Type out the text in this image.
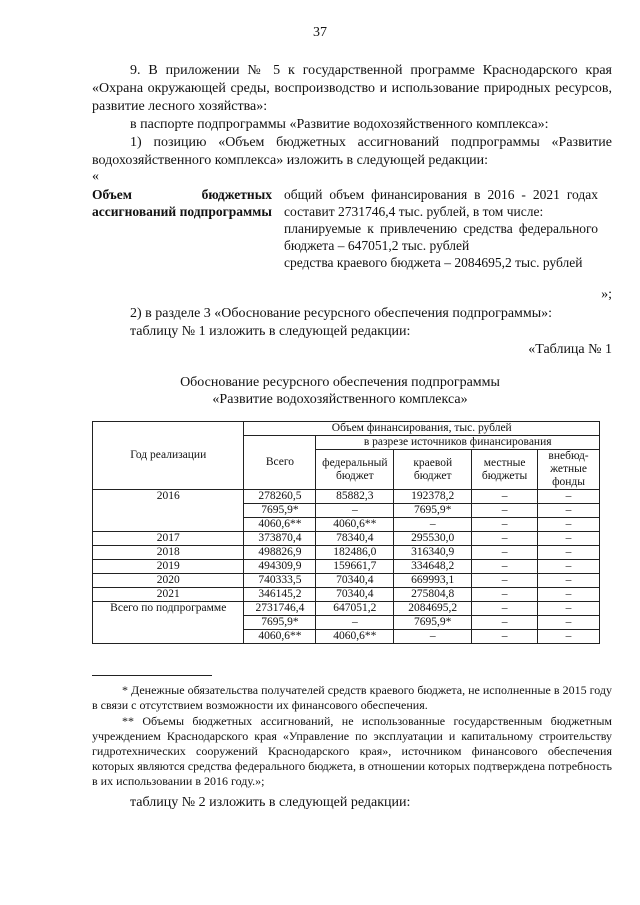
37
9. В приложении № 5 к государственной программе Краснодарского края «Охрана окружающей среды, воспроизводство и использование природных ресурсов, развитие лесного хозяйства»:
в паспорте подпрограммы «Развитие водохозяйственного комплекса»:
1) позицию «Объем бюджетных ассигнований подпрограммы «Развитие водохозяйственного комплекса» изложить в следующей редакции:
«
Объем бюджетных ассигнований подпрограммы
общий объем финансирования в 2016 - 2021 годах составит 2731746,4 тыс. рублей, в том числе:
планируемые к привлечению средства федерального бюджета – 647051,2 тыс. рублей
средства краевого бюджета – 2084695,2 тыс. рублей
»;
2) в разделе 3 «Обоснование ресурсного обеспечения подпрограммы»:
таблицу № 1 изложить в следующей редакции:
«Таблица № 1
Обоснование ресурсного обеспечения подпрограммы
«Развитие водохозяйственного комплекса»
Год реализации	Объем финансирования, тыс. рублей				
	Всего	в разрезе источников финансирования			
		федеральный бюджет	краевой бюджет	местные бюджеты	внебюд-жетные фонды
2016	278260,5	85882,3	192378,2	–	–
	7695,9*	–	7695,9*	–	–
	4060,6**	4060,6**	–	–	–
2017	373870,4	78340,4	295530,0	–	–
2018	498826,9	182486,0	316340,9	–	–
2019	494309,9	159661,7	334648,2	–	–
2020	740333,5	70340,4	669993,1	–	–
2021	346145,2	70340,4	275804,8	–	–
Всего по подпрограмме	2731746,4	647051,2	2084695,2	–	–
	7695,9*	–	7695,9*	–	–
	4060,6**	4060,6**	–	–	–
* Денежные обязательства получателей средств краевого бюджета, не исполненные в 2015 году в связи с отсутствием возможности их финансового обеспечения.
** Объемы бюджетных ассигнований, не использованные государственным бюджетным учреждением Краснодарского края «Управление по эксплуатации и капитальному строительству гидротехнических сооружений Краснодарского края», источником финансового обеспечения которых являются средства федерального бюджета, в отношении которых подтверждена потребность в их использовании в 2016 году.»;
таблицу № 2 изложить в следующей редакции:
